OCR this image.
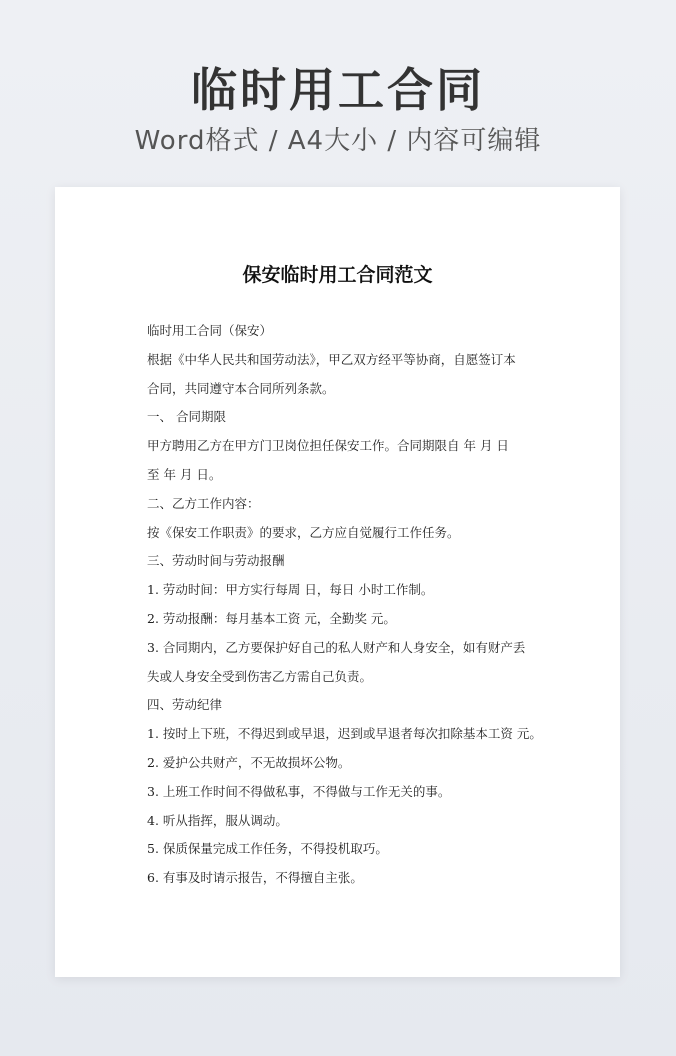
临时用工合同
Word格式 / A4大小 / 内容可编辑
保安临时用工合同范文
临时用工合同（保安）
根据《中华人民共和国劳动法》，甲乙双方经平等协商，自愿签订本
合同，共同遵守本合同所列条款。
一、 合同期限
甲方聘用乙方在甲方门卫岗位担任保安工作。合同期限自 年 月 日
至 年 月 日。
二、乙方工作内容：
按《保安工作职责》的要求，乙方应自觉履行工作任务。
三、劳动时间与劳动报酬
1. 劳动时间：甲方实行每周 日，每日 小时工作制。
2. 劳动报酬：每月基本工资 元，全勤奖 元。
3. 合同期内，乙方要保护好自己的私人财产和人身安全，如有财产丢
失或人身安全受到伤害乙方需自己负责。
四、劳动纪律
1. 按时上下班，不得迟到或早退，迟到或早退者每次扣除基本工资 元。
2. 爱护公共财产，不无故损坏公物。
3. 上班工作时间不得做私事，不得做与工作无关的事。
4. 听从指挥，服从调动。
5. 保质保量完成工作任务，不得投机取巧。
6. 有事及时请示报告，不得擅自主张。
